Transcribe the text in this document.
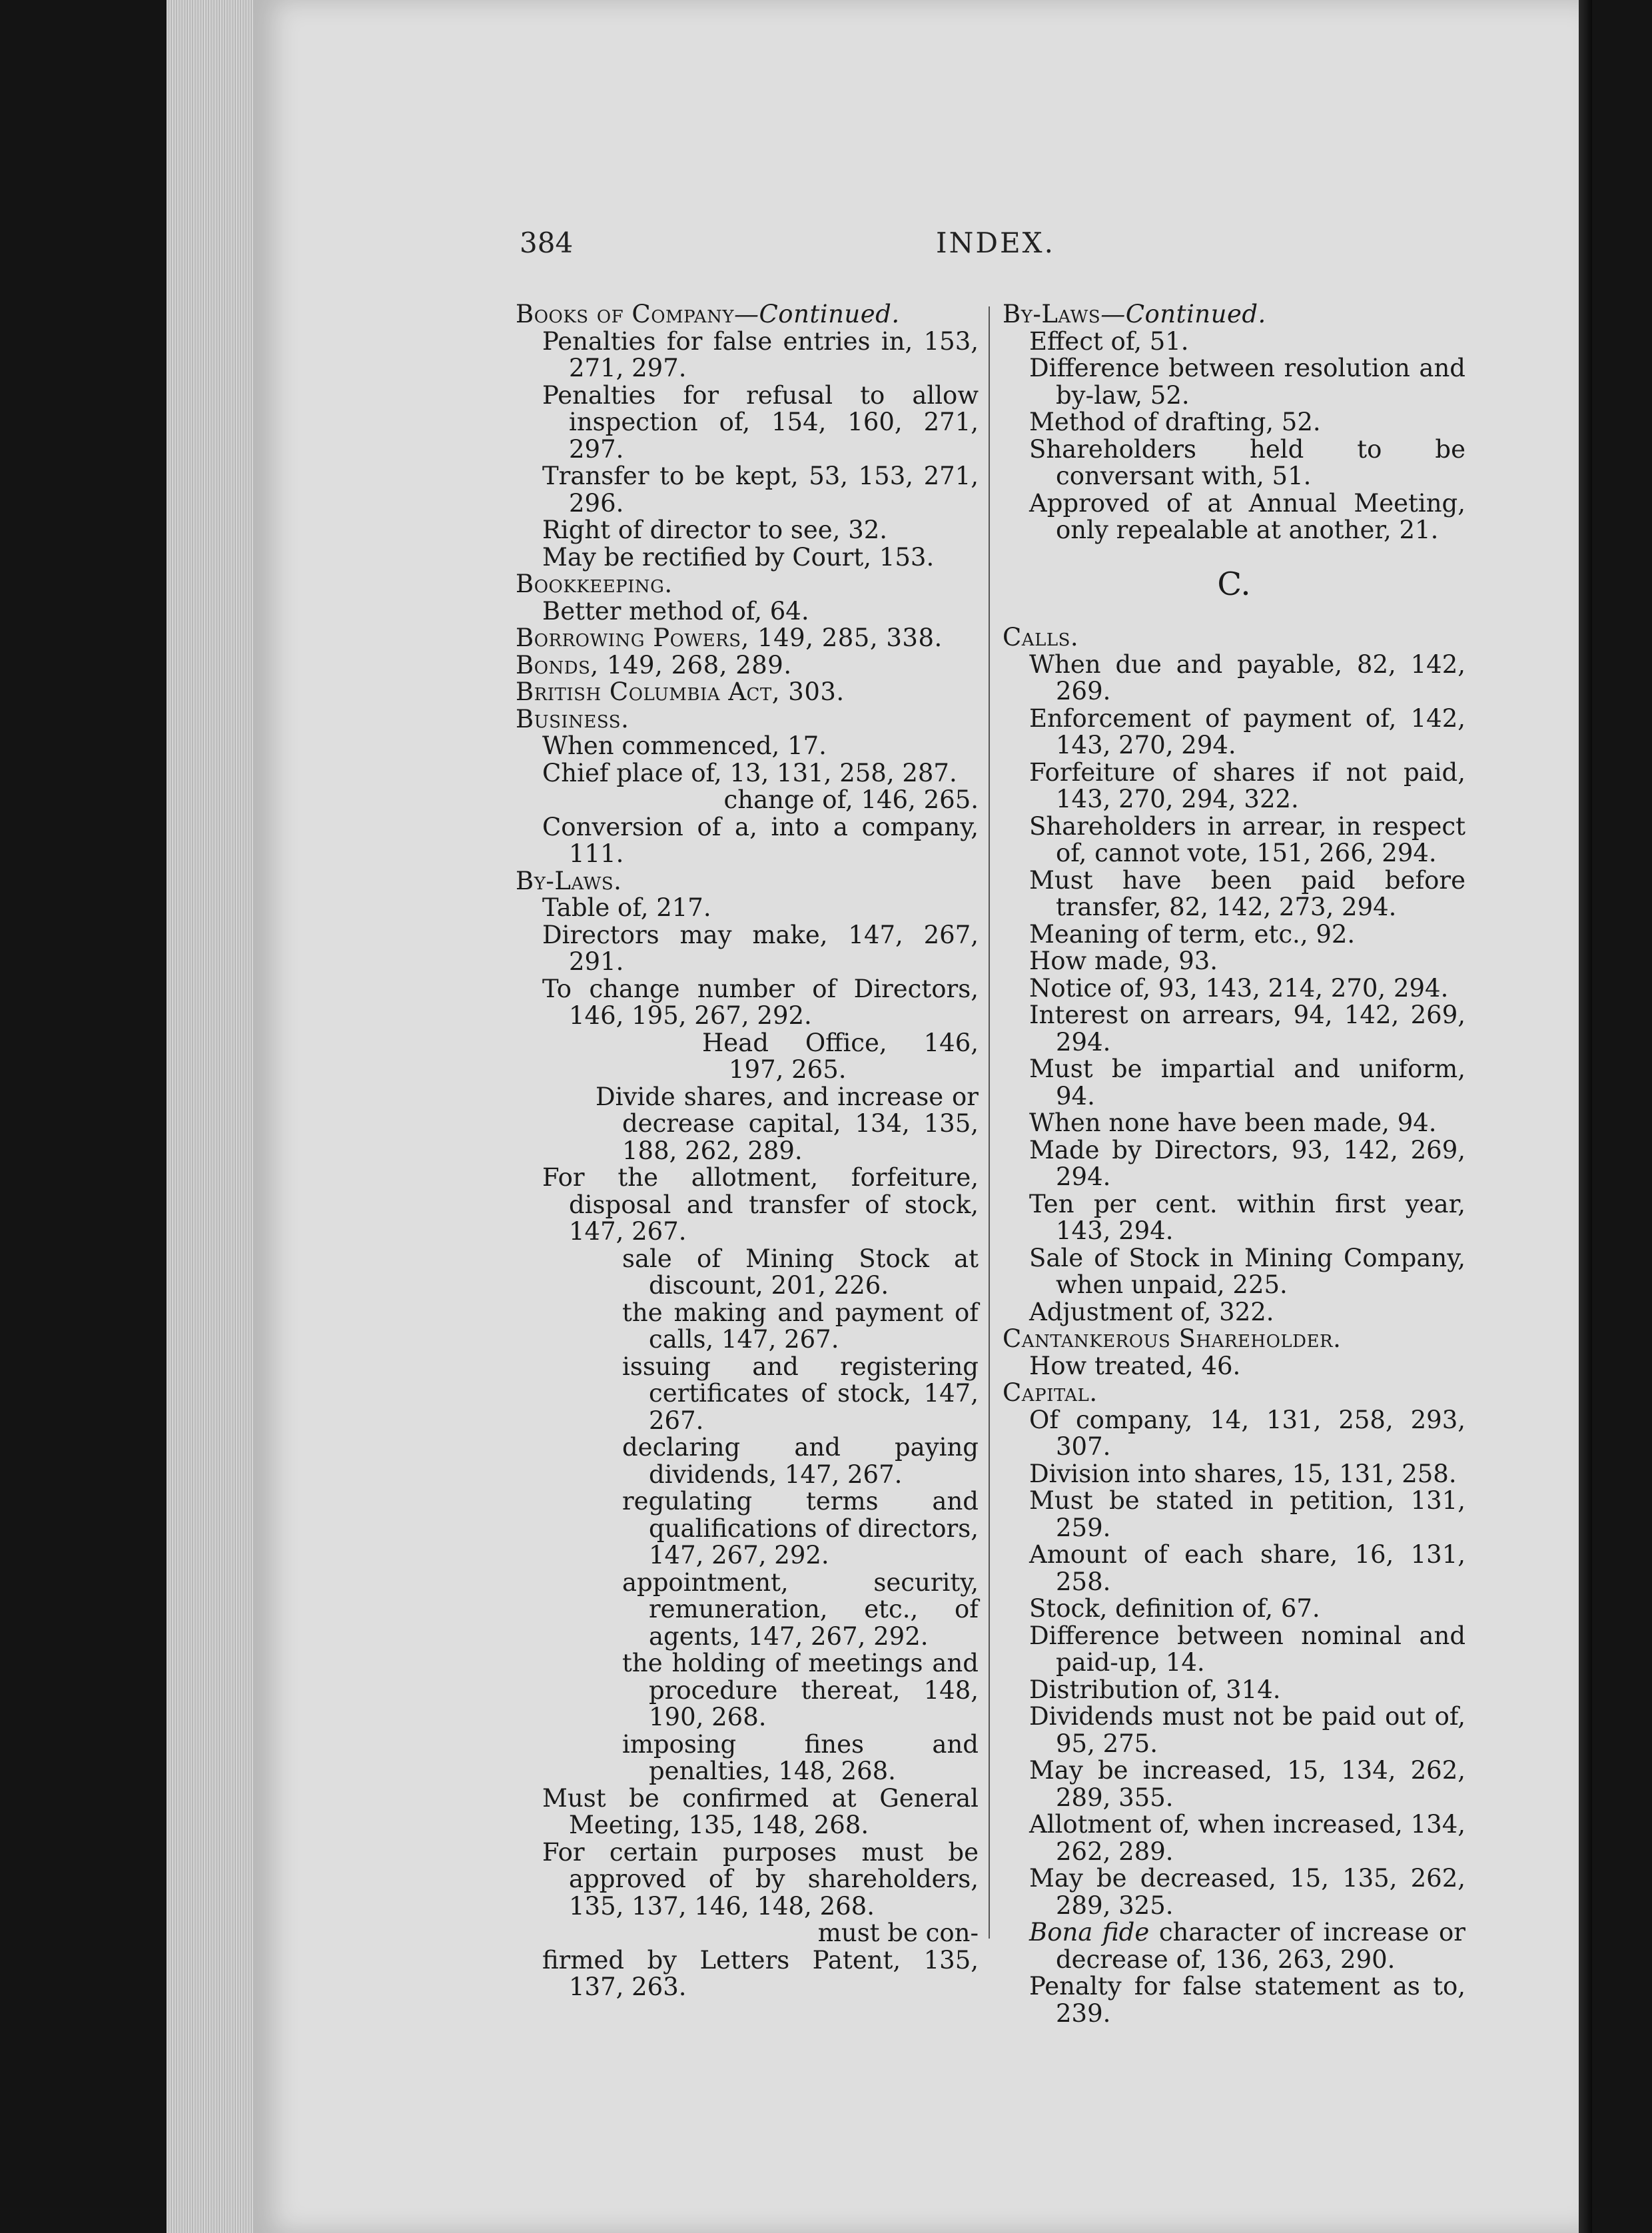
384	INDEX.
Books of Company—Continued.
Penalties for false entries in, 153, 271, 297.
Penalties for refusal to allow inspection of, 154, 160, 271, 297.
Transfer to be kept, 53, 153, 271, 296.
Right of director to see, 32.
May be rectified by Court, 153.
Bookkeeping.
Better method of, 64.
Borrowing Powers, 149, 285, 338.
Bonds, 149, 268, 289.
British Columbia Act, 303.
Business.
When commenced, 17.
Chief place of, 13, 131, 258, 287.
change of, 146, 265.
Conversion of a, into a company, 111.
By-Laws.
Table of, 217.
Directors may make, 147, 267, 291.
To change number of Directors, 146, 195, 267, 292.
Head Office, 146, 197, 265.
Divide shares, and increase or decrease capital, 134, 135, 188, 262, 289.
For the allotment, forfeiture, disposal and transfer of stock, 147, 267.
sale of Mining Stock at discount, 201, 226.
the making and payment of calls, 147, 267.
issuing and registering certificates of stock, 147, 267.
declaring and paying dividends, 147, 267.
regulating terms and qualifications of directors, 147, 267, 292.
appointment, security, remuneration, etc., of agents, 147, 267, 292.
the holding of meetings and procedure thereat, 148, 190, 268.
imposing fines and penalties, 148, 268.
Must be confirmed at General Meeting, 135, 148, 268.
For certain purposes must be approved of by shareholders, 135, 137, 146, 148, 268.
must be con-
firmed by Letters Patent, 135, 137, 263.
By-Laws—Continued.
Effect of, 51.
Difference between resolution and by-law, 52.
Method of drafting, 52.
Shareholders held to be conversant with, 51.
Approved of at Annual Meeting, only repealable at another, 21.
C.
Calls.
When due and payable, 82, 142, 269.
Enforcement of payment of, 142, 143, 270, 294.
Forfeiture of shares if not paid, 143, 270, 294, 322.
Shareholders in arrear, in respect of, cannot vote, 151, 266, 294.
Must have been paid before transfer, 82, 142, 273, 294.
Meaning of term, etc., 92.
How made, 93.
Notice of, 93, 143, 214, 270, 294.
Interest on arrears, 94, 142, 269, 294.
Must be impartial and uniform, 94.
When none have been made, 94.
Made by Directors, 93, 142, 269, 294.
Ten per cent. within first year, 143, 294.
Sale of Stock in Mining Company, when unpaid, 225.
Adjustment of, 322.
Cantankerous Shareholder.
How treated, 46.
Capital.
Of company, 14, 131, 258, 293, 307.
Division into shares, 15, 131, 258.
Must be stated in petition, 131, 259.
Amount of each share, 16, 131, 258.
Stock, definition of, 67.
Difference between nominal and paid-up, 14.
Distribution of, 314.
Dividends must not be paid out of, 95, 275.
May be increased, 15, 134, 262, 289, 355.
Allotment of, when increased, 134, 262, 289.
May be decreased, 15, 135, 262, 289, 325.
Bona fide character of increase or decrease of, 136, 263, 290.
Penalty for false statement as to, 239.
